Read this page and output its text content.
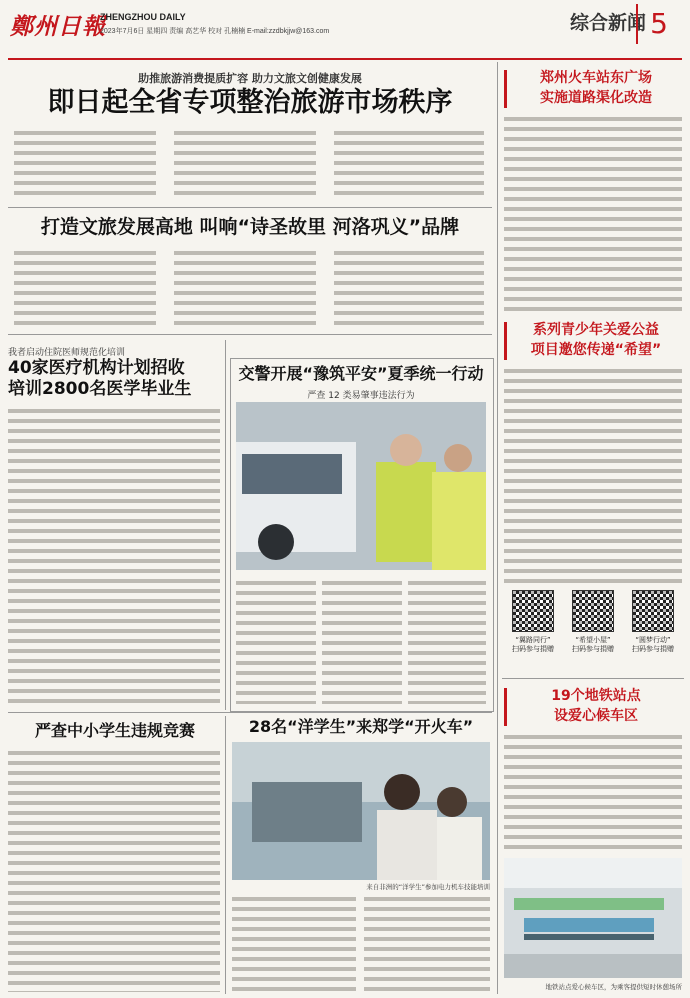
鄭州日報
ZHENGZHOU DAILY
2023年7月6日 星期四 责编 高艺华 校对 孔楠楠 E-mail:zzdbkjjw@163.com	综合新闻 5
助推旅游消费提质扩容 助力文旅文创健康发展
即日起全省专项整治旅游市场秩序
打造文旅发展高地 叫响“诗圣故里 河洛巩义”品牌
我者启动住院医师规范化培训
40家医疗机构计划招收
培训2800名医学毕业生
交警开展“豫筑平安”夏季统一行动
严查 12 类易肇事违法行为
严查中小学生违规竞赛	28名“洋学生”来郑学“开火车”
来自非洲的“洋学生”参加电力机车技能培训
郑州火车站东广场
实施道路渠化改造
系列青少年关爱公益
项目邀您传递“希望”
“翼路同行”
扫码参与捐赠
“希望小屋”
扫码参与捐赠
“圆梦行动”
扫码参与捐赠
19个地铁站点
设爱心候车区
地铁站点爱心候车区，为乘客提供短时休憩场所
